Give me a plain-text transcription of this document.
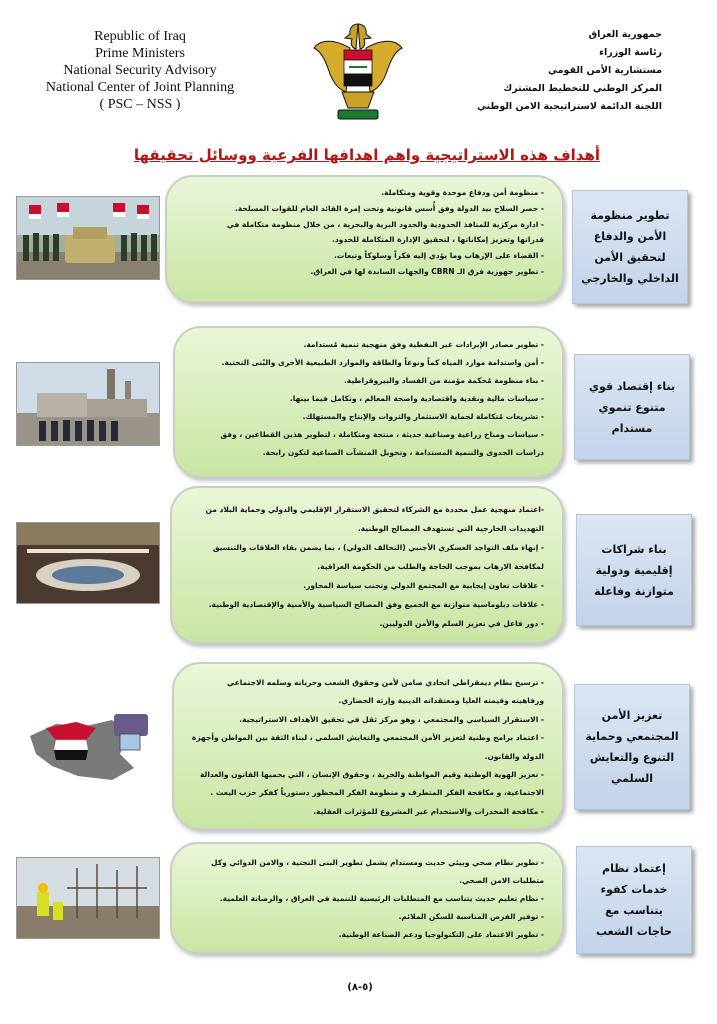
Republic of Iraq
Prime Ministers
National Security Advisory
National Center of Joint Planning
( PSC – NSS )
جمهورية العراق
رئاسة الوزراء
مستشارية الأمن القومي
المركز الوطني للتخطيط المشترك
اللجنة الدائمة لاستراتيجية الامن الوطني
أهداف هذه الاستراتيجية واهم اهدافها الفرعية ووسائل تحقيقها
- منظومة أمن ودفاع موحدة وقوية ومتكاملة.
- حصر السلاح بيد الدولة وفق أُسس قانونية وتحت إمرة القائد العام للقوات المسلحة.
- ادارة مركزية للمنافذ الحدودية والحدود البرية والبحرية ، من خلال منظومة متكاملة في
قدراتها وتعزيز إمكاناتها ، لتحقيق الإدارة المتكاملة للحدود.
- القضاء على الإرهاب وما يؤدي إليه فكراً وسلوكاً وتبعات.
- تطوير جهوزية فرق الـ CBRN والجهات الساندة لها في العراق.
تطوير منظومة
الأمن والدفاع
لتحقيق الأمن
الداخلي والخارجي
- تطوير مصادر الإيرادات غير النفطية وفق منهجية تنمية مُستدامة.
- أمن واستدامة موارد المياه كماً ونوعاً والطاقة والموارد الطبيعية الأخرى والبُنى التحتية.
- بناء منظومة مُحكمة مؤمنة من الفساد والبيروقراطية.
- سياسات مالية ونقدية واقتصادية واضحة المعالم ، وتكامل فيما بينها.
- تشريعات مُتكاملة لحماية الاستثمار والثروات والإنتاج والمستهلك.
- سياسات ومناخ زراعية وصناعية حديثة ، منتجة ومتكاملة ، لتطوير هذين القطاعين ، وفق
دراسات الجدوى والتنمية المستدامة ، وتحويل المنشآت الصناعية لتكون رابحة.
بناء إقتصاد قوي
متنوع تنموي
مستدام
-اعتماد منهجية عمل محددة مع الشركاء لتحقيق الاستقرار الإقليمي والدولي وحماية البلاد من
التهديدات الخارجية التي تستهدف المصالح الوطنية.
- إنهاء ملف التواجد العسكري الأجنبي (التحالف الدولي) ، بما يضمن بقاء العلاقات والتنسيق
لمكافحة الارهاب بموجب الحاجة والطلب من الحكومة العراقية.
- علاقات تعاون إيجابية مع المجتمع الدولي وتجنب سياسة المحاور.
- علاقات دبلوماسية متوازنة مع الجميع وفق المصالح السياسية والأمنية والإقتصادية الوطنية.
- دور فاعل في تعزيز السلم والأمن الدوليين.
بناء شراكات
إقليمية ودولية
متوازنة وفاعلة
- ترسيخ نظام ديمقراطي اتحادي ضامن لأمن وحقوق الشعب وحرياته وسلمه الاجتماعي
ورفاهيته وقيمته العليا ومعتقداته الدينية وإرثه الحضاري.
- الاستقرار السياسي والمجتمعي ، وهو مركز ثقل في تحقيق الأهداف الاستراتيجية.
- اعتماد برامج وطنية لتعزيز الأمن المجتمعي والتعايش السلمي ، لبناء الثقة بين المواطن وأجهزة
الدولة والقانون.
- تعزيز الهوية الوطنية وقيم المواطنة والحرية ، وحقوق الإنسان ، التي يحميها القانون والعدالة
الاجتماعية، و مكافحة الفكر المتطرف و منظومة الفكر المحظور دستورياً كفكر حزب البعث .
- مكافحة المخدرات والاستخدام غير المشروع للمؤثرات العقلية.
تعزيز الأمن
المجتمعي وحماية
التنوع والتعايش
السلمي
- تطوير نظام صحي وبيئي حديث ومستدام يشمل تطوير البنى التحتية ، والامن الدوائي وكل
متطلبات الامن الصحي.
- نظام تعليم حديث يتناسب مع المتطلبات الرئيسية للتنمية في العراق ، والرصانة العلمية.
- توفير الفرص المناسبة للسكن الملائم.
- تطوير الاعتماد على التكنولوجيا ودعم الصناعة الوطنية.
إعتماد نظام
خدمات كفوء
يتناسب مع
حاجات الشعب
(٥-٨)
